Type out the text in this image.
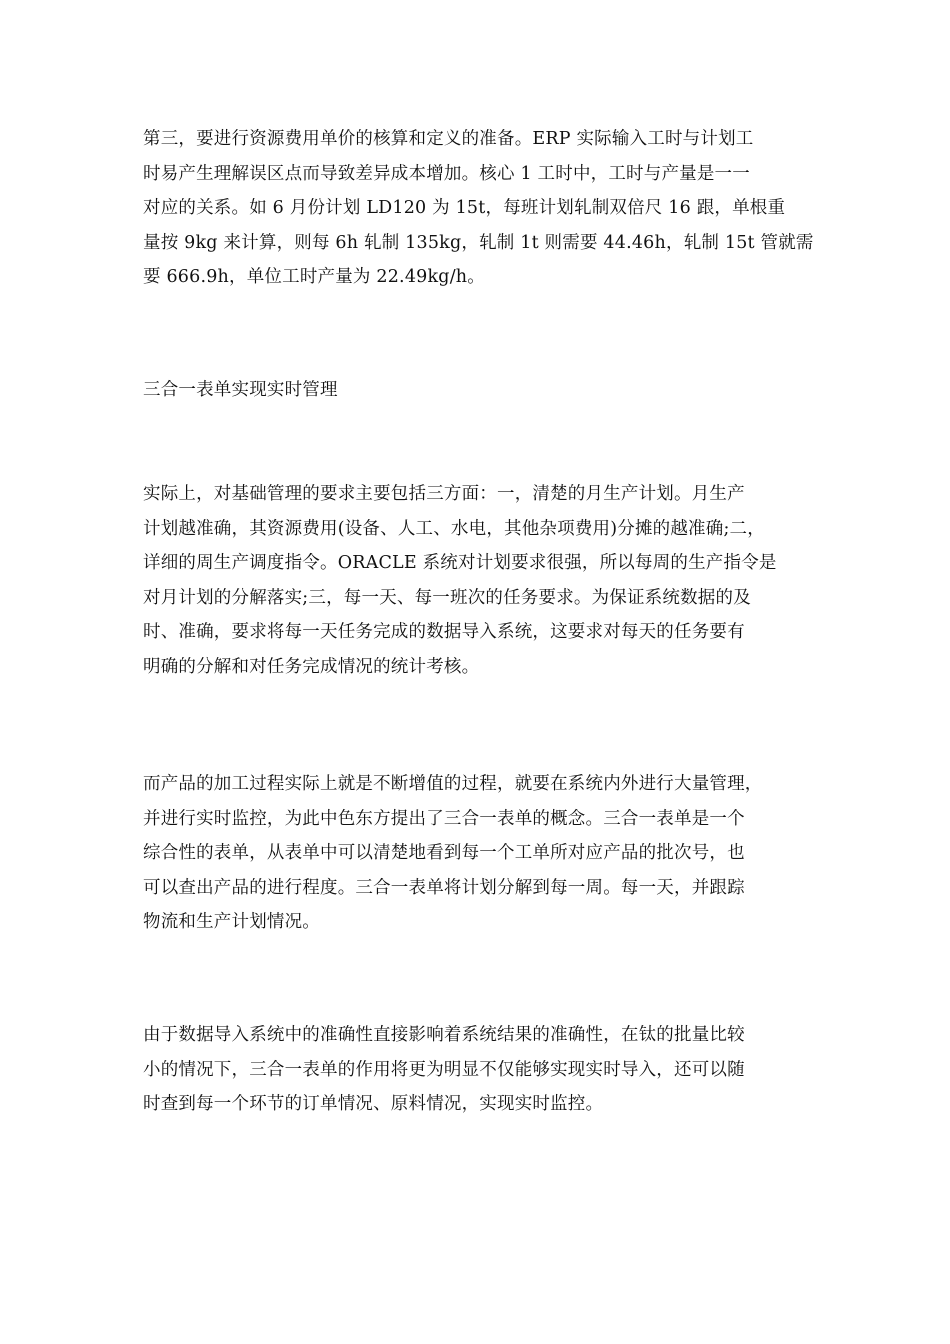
第三，要进行资源费用单价的核算和定义的准备。ERP 实际输入工时与计划工
时易产生理解误区点而导致差异成本增加。核心 1 工时中，工时与产量是一一
对应的关系。如 6 月份计划 LD120 为 15t，每班计划轧制双倍尺 16 跟，单根重
量按 9kg 来计算，则每 6h 轧制 135kg，轧制 1t 则需要 44.46h，轧制 15t 管就需
要 666.9h，单位工时产量为 22.49kg/h。
三合一表单实现实时管理
实际上，对基础管理的要求主要包括三方面：一，清楚的月生产计划。月生产
计划越准确，其资源费用(设备、人工、水电，其他杂项费用)分摊的越准确;二，
详细的周生产调度指令。ORACLE 系统对计划要求很强，所以每周的生产指令是
对月计划的分解落实;三，每一天、每一班次的任务要求。为保证系统数据的及
时、准确，要求将每一天任务完成的数据导入系统，这要求对每天的任务要有
明确的分解和对任务完成情况的统计考核。
而产品的加工过程实际上就是不断增值的过程，就要在系统内外进行大量管理，
并进行实时监控，为此中色东方提出了三合一表单的概念。三合一表单是一个
综合性的表单，从表单中可以清楚地看到每一个工单所对应产品的批次号，也
可以查出产品的进行程度。三合一表单将计划分解到每一周。每一天，并跟踪
物流和生产计划情况。
由于数据导入系统中的准确性直接影响着系统结果的准确性，在钛的批量比较
小的情况下，三合一表单的作用将更为明显不仅能够实现实时导入，还可以随
时查到每一个环节的订单情况、原料情况，实现实时监控。
